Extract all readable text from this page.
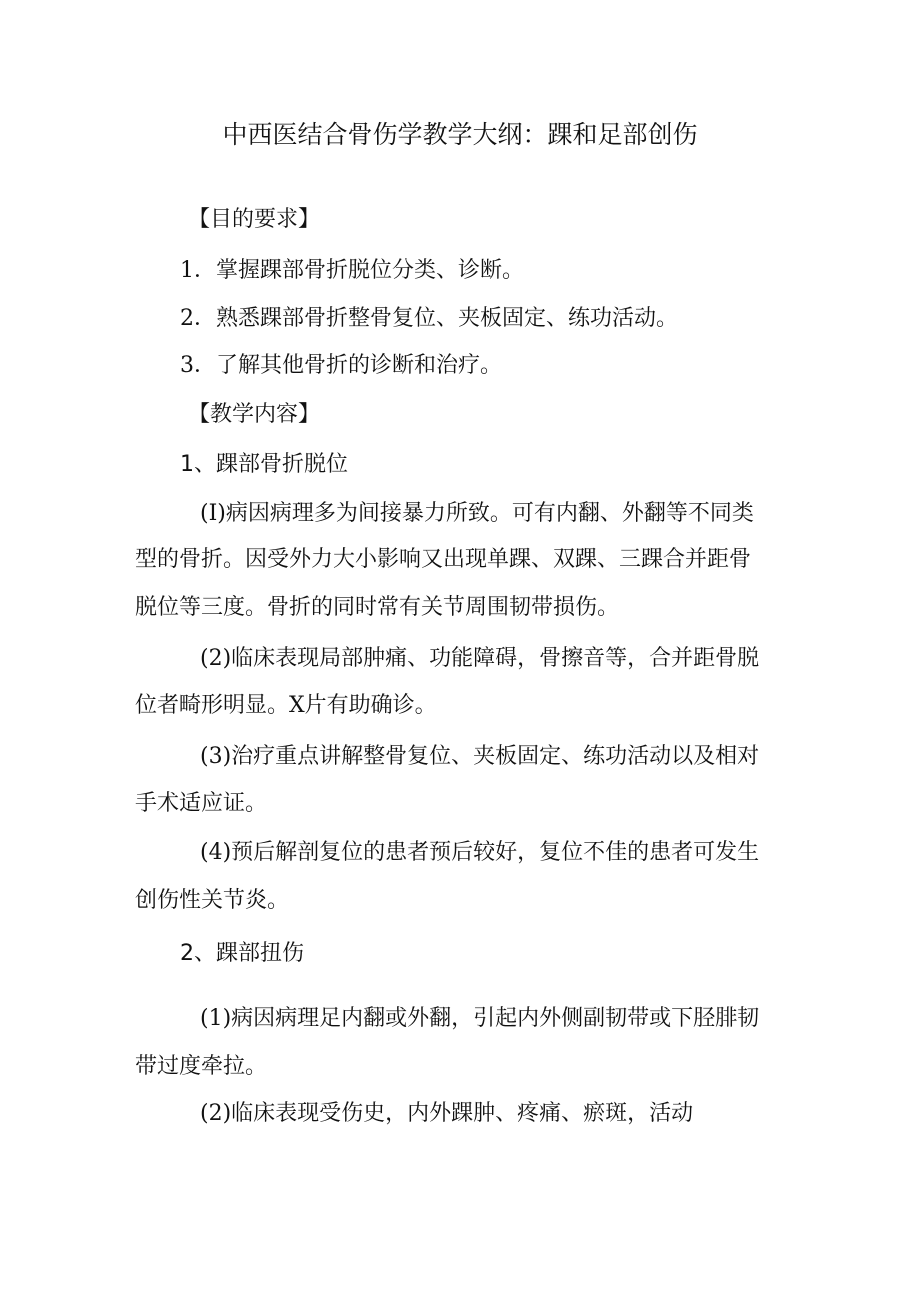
中西医结合骨伤学教学大纲：踝和足部创伤
【目的要求】
1．掌握踝部骨折脱位分类、诊断。
2．熟悉踝部骨折整骨复位、夹板固定、练功活动。
3．了解其他骨折的诊断和治疗。
【教学内容】
1、踝部骨折脱位
(I)病因病理多为间接暴力所致。可有内翻、外翻等不同类
型的骨折。因受外力大小影响又出现单踝、双踝、三踝合并距骨
脱位等三度。骨折的同时常有关节周围韧带损伤。
(2)临床表现局部肿痛、功能障碍，骨擦音等，合并距骨脱
位者畸形明显。X片有助确诊。
(3)治疗重点讲解整骨复位、夹板固定、练功活动以及相对
手术适应证。
(4)预后解剖复位的患者预后较好，复位不佳的患者可发生
创伤性关节炎。
2、踝部扭伤
(1)病因病理足内翻或外翻，引起内外侧副韧带或下胫腓韧
带过度牵拉。
(2)临床表现受伤史，内外踝肿、疼痛、瘀斑，活动
